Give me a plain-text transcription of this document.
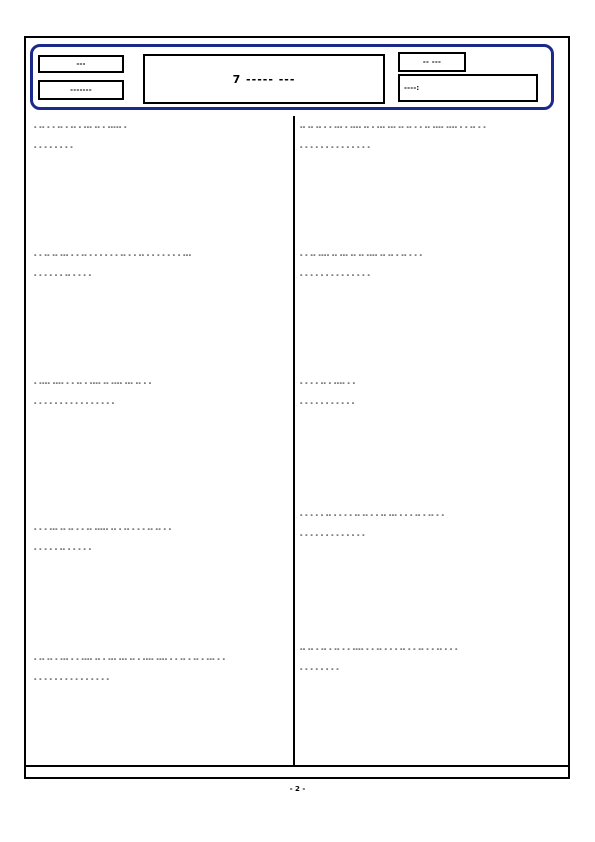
---
-------
7 ----- ---
-- ---
----:
- -- - - -- - -- - --- -- - ----- -
- - - - - - - -
- - -- -- --- - - -- - - - - - - -- - - -- - - - - - - - ---
- - - - - - -- - - - -
- ---- ---- - - -- - ---- -- ---- --- -- - -
- - - - - - - - - - - - - - - -
- - - --- -- -- - - -- ----- -- - -- - - - -- -- - -
- - - - - -- - - - - -
- -- -- - --- - - ---- -- - --- --- -- - ---- ---- - - -- - -- - --- - -
- - - - - - - - - - - - - - -
-- -- -- - - --- - ---- -- - --- --- -- -- - - -- ---- ---- - - -- - -
- - - - - - - - - - - - - -
- - -- ---- -- --- -- -- ---- -- -- - -- - - -
- - - - - - - - - - - - - -
- - - - -- - ---- - -
- - - - - - - - - - -
- - - - - -- - - - - -- -- - - -- --- - - - -- - -- - -
- - - - - - - - - - - - -
-- -- - -- - -- - - ---- - - -- - - - -- - - -- - - -- - - -
- - - - - - - -
- 2 -
